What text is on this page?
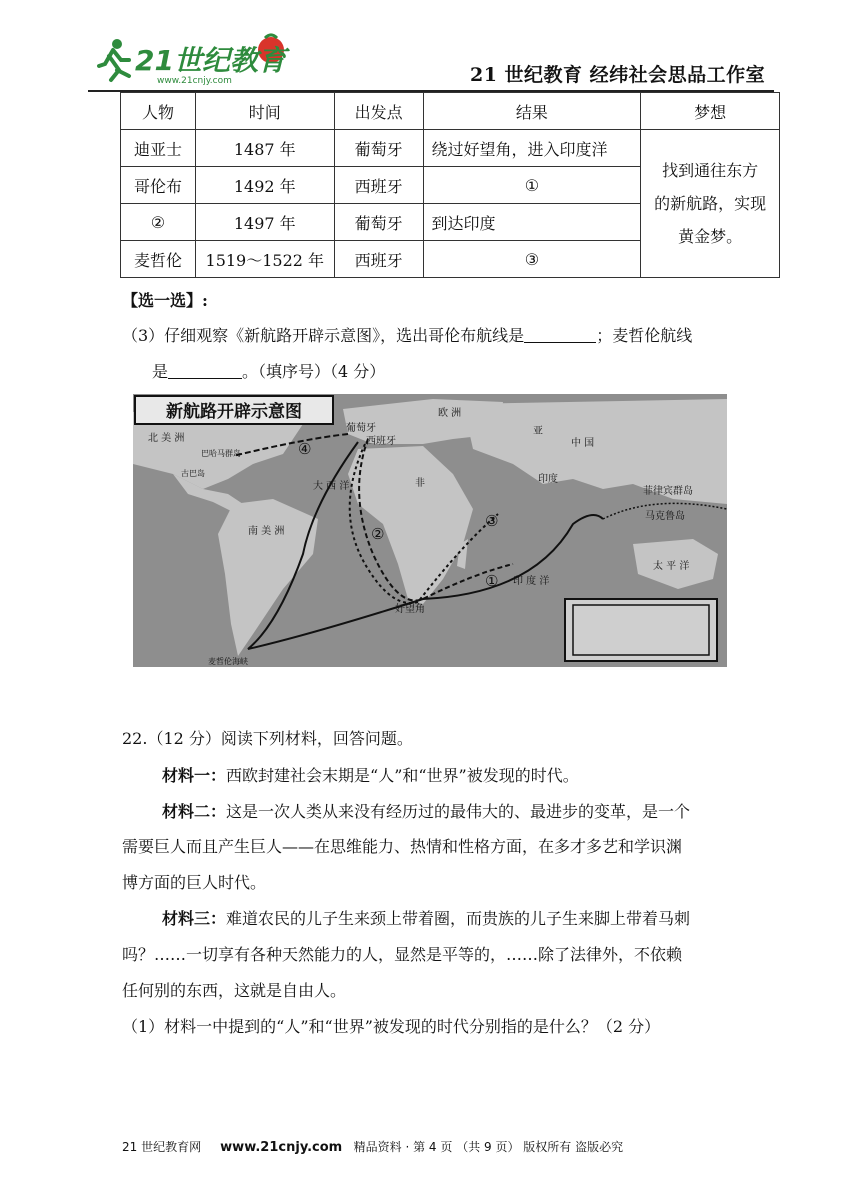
21世纪教育
www.21cnjy.com	21 世纪教育 经纬社会思品工作室
人物	时间	出发点	结果	梦想
迪亚士	1487 年	葡萄牙	绕过好望角，进入印度洋	找到通往东方
的新航路，实现
黄金梦。

哥伦布	1492 年	西班牙	①	
②	1497 年	葡萄牙	到达印度	
麦哲伦	1519～1522 年	西班牙	③	
【选一选】:
（3）仔细观察《新航路开辟示意图》，选出哥伦布航线是	；麦哲伦航线
是	。（填序号）（4 分）
新航路开辟示意图
北 美 洲
欧 洲
亚
葡萄牙
西班牙	中 国
印度
非
南 美 洲
菲律宾群岛
马克鲁岛
好望角
麦哲伦海峡
印 度 洋
太 平 洋
大 西 洋
古巴岛
巴哈马群岛
①
②
③
④
22.（12 分）阅读下列材料，回答问题。
材料一：西欧封建社会末期是“人”和“世界”被发现的时代。
材料二：这是一次人类从来没有经历过的最伟大的、最进步的变革，是一个
需要巨人而且产生巨人——在思维能力、热情和性格方面，在多才多艺和学识渊
博方面的巨人时代。
材料三：难道农民的儿子生来颈上带着圈，而贵族的儿子生来脚上带着马刺
吗？……一切享有各种天然能力的人，显然是平等的，……除了法律外，不依赖
任何别的东西，这就是自由人。
（1）材料一中提到的“人”和“世界”被发现的时代分别指的是什么？（2 分）
21 世纪教育网 www.21cnjy.com 精品资料 · 第 4 页 （共 9 页） 版权所有 盗版必究
